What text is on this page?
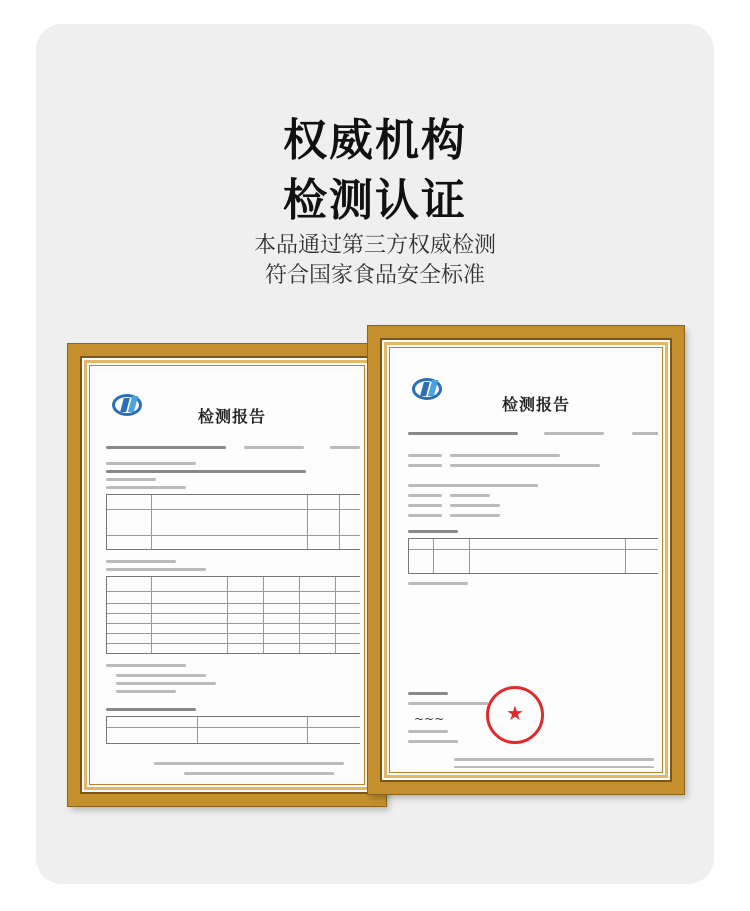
权威机构
检测认证
本品通过第三方权威检测
符合国家食品安全标准
检测报告
检测报告
~~~	★
